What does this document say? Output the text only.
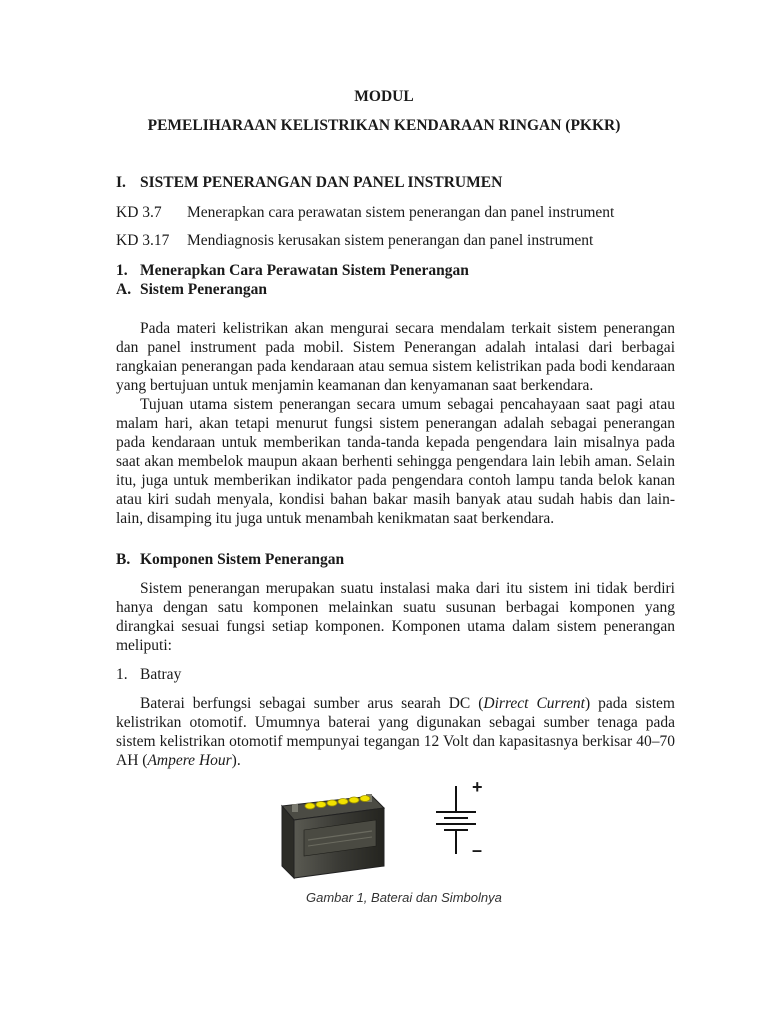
MODUL
PEMELIHARAAN KELISTRIKAN KENDARAAN RINGAN (PKKR)
I. SISTEM PENERANGAN DAN PANEL INSTRUMEN
KD 3.7 Menerapkan cara perawatan sistem penerangan dan panel instrument
KD 3.17 Mendiagnosis kerusakan sistem penerangan dan panel instrument
1. Menerapkan Cara Perawatan Sistem Penerangan
A. Sistem Penerangan
Pada materi kelistrikan akan mengurai secara mendalam terkait sistem penerangan
dan panel instrument pada mobil. Sistem Penerangan adalah intalasi dari berbagai
rangkaian penerangan pada kendaraan atau semua sistem kelistrikan pada bodi kendaraan
yang bertujuan untuk menjamin keamanan dan kenyamanan saat berkendara.
Tujuan utama sistem penerangan secara umum sebagai pencahayaan saat pagi atau
malam hari, akan tetapi menurut fungsi sistem penerangan adalah sebagai penerangan
pada kendaraan untuk memberikan tanda-tanda kepada pengendara lain misalnya pada
saat akan membelok maupun akaan berhenti sehingga pengendara lain lebih aman. Selain
itu, juga untuk memberikan indikator pada pengendara contoh lampu tanda belok kanan
atau kiri sudah menyala, kondisi bahan bakar masih banyak atau sudah habis dan lain-
lain, disamping itu juga untuk menambah kenikmatan saat berkendara.
B. Komponen Sistem Penerangan
Sistem penerangan merupakan suatu instalasi maka dari itu sistem ini tidak berdiri
hanya dengan satu komponen melainkan suatu susunan berbagai komponen yang
dirangkai sesuai fungsi setiap komponen. Komponen utama dalam sistem penerangan
meliputi:
1. Batray
Baterai berfungsi sebagai sumber arus searah DC (Dirrect Current) pada sistem
kelistrikan otomotif. Umumnya baterai yang digunakan sebagai sumber tenaga pada
sistem kelistrikan otomotif mempunyai tegangan 12 Volt dan kapasitasnya berkisar 40–70
AH (Ampere Hour).
+
–
Gambar 1, Baterai dan Simbolnya
